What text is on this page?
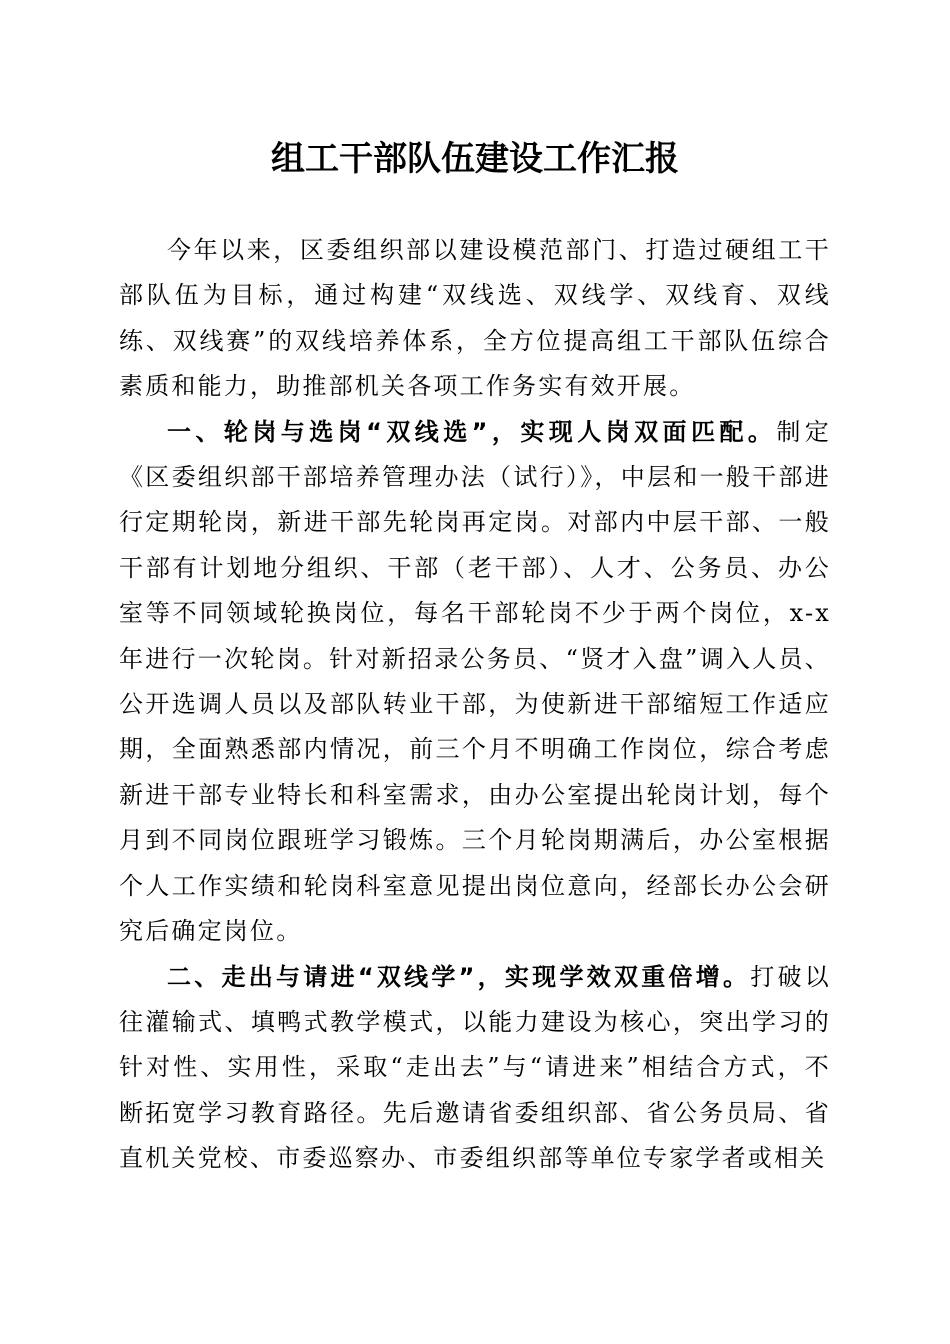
组工干部队伍建设工作汇报

今年以来，区委组织部以建设模范部门、打造过硬组工干部队伍为目标，通过构建“双线选、双线学、双线育、双线练、双线赛”的双线培养体系，全方位提高组工干部队伍综合素质和能力，助推部机关各项工作务实有效开展。

一、轮岗与选岗“双线选”，实现人岗双面匹配。制定《区委组织部干部培养管理办法（试行）》，中层和一般干部进行定期轮岗，新进干部先轮岗再定岗。对部内中层干部、一般干部有计划地分组织、干部（老干部）、人才、公务员、办公室等不同领域轮换岗位，每名干部轮岗不少于两个岗位，x-x年进行一次轮岗。针对新招录公务员、“贤才入盘”调入人员、公开选调人员以及部队转业干部，为使新进干部缩短工作适应期，全面熟悉部内情况，前三个月不明确工作岗位，综合考虑新进干部专业特长和科室需求，由办公室提出轮岗计划，每个月到不同岗位跟班学习锻炼。三个月轮岗期满后，办公室根据个人工作实绩和轮岗科室意见提出岗位意向，经部长办公会研究后确定岗位。

二、走出与请进“双线学”，实现学效双重倍增。打破以往灌输式、填鸭式教学模式，以能力建设为核心，突出学习的针对性、实用性，采取“走出去”与“请进来”相结合方式，不断拓宽学习教育路径。先后邀请省委组织部、省公务员局、省直机关党校、市委巡察办、市委组织部等单位专家学者或相关
